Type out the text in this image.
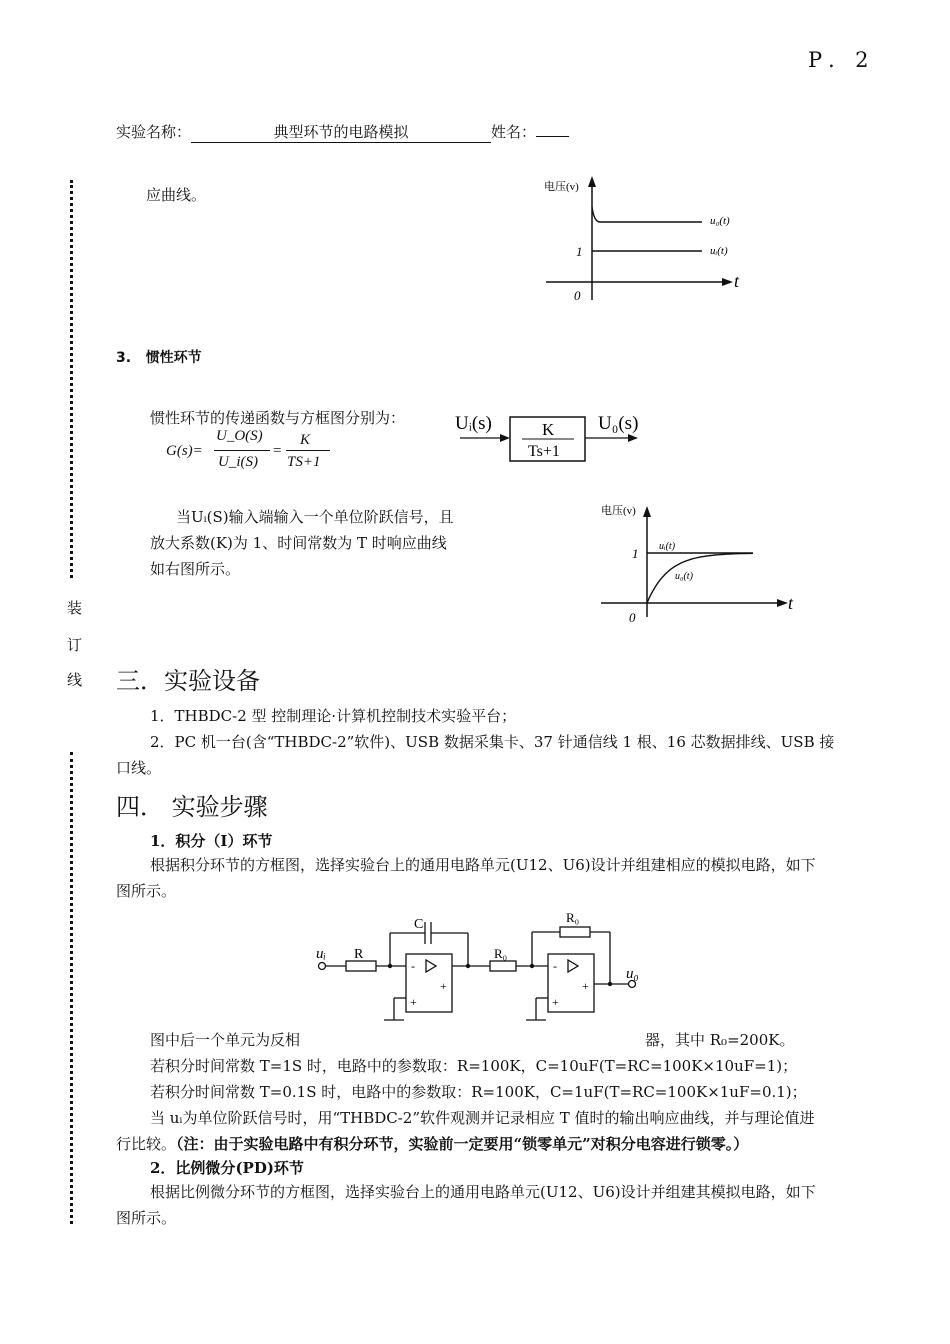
P．2
实验名称：	典型环节的电路模拟	姓名：
装
订
线
应曲线。	电压(v)
u₀(t)
uᵢ(t)
1
0
t
3. 惯性环节
惯性环节的传递函数与方框图分别为：
G(s)=
U_O(S)
U_i(S)
=
K
TS+1
Uᵢ(s)	K
Ts+1
U₀(s)
当Uᵢ(S)输入端输入一个单位阶跃信号，且
放大系数(K)为 1、时间常数为 T 时响应曲线
如右图所示。
电压(v)
uᵢ(t)
u₀(t)
1
0
t
三．实验设备
1．THBDC-2 型 控制理论·计算机控制技术实验平台；
2．PC 机一台(含“THBDC-2”软件)、USB 数据采集卡、37 针通信线 1 根、16 芯数据排线、USB 接
口线。
四． 实验步骤
1．积分（I）环节
根据积分环节的方框图，选择实验台上的通用电路单元(U12、U6)设计并组建相应的模拟电路，如下
图所示。
uᵢ
u₀
R
C
R₀
R₀
-
+
+
-
+
+
图中后一个单元为反相	器，其中 R₀=200K。
若积分时间常数 T=1S 时，电路中的参数取：R=100K，C=10uF(T=RC=100K×10uF=1)；
若积分时间常数 T=0.1S 时，电路中的参数取：R=100K，C=1uF(T=RC=100K×1uF=0.1)；
当 uᵢ为单位阶跃信号时，用“THBDC-2”软件观测并记录相应 T 值时的输出响应曲线，并与理论值进
行比较。（注：由于实验电路中有积分环节，实验前一定要用“锁零单元”对积分电容进行锁零。）
2．比例微分(PD)环节
根据比例微分环节的方框图，选择实验台上的通用电路单元(U12、U6)设计并组建其模拟电路，如下
图所示。
